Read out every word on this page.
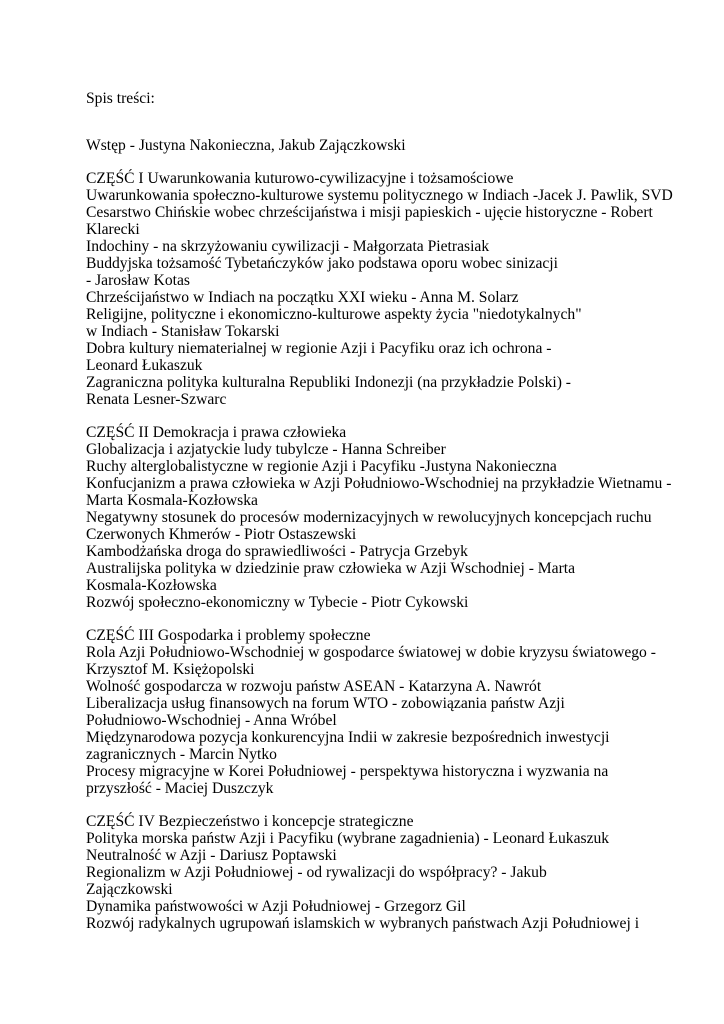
Spis treści:
Wstęp - Justyna Nakonieczna, Jakub Zajączkowski
CZĘŚĆ I Uwarunkowania kuturowo-cywilizacyjne i tożsamościowe
Uwarunkowania społeczno-kulturowe systemu politycznego w Indiach -Jacek J. Pawlik, SVD
Cesarstwo Chińskie wobec chrześcijaństwa i misji papieskich - ujęcie historyczne - Robert
Klarecki
Indochiny - na skrzyżowaniu cywilizacji - Małgorzata Pietrasiak
Buddyjska tożsamość Tybetańczyków jako podstawa oporu wobec sinizacji
- Jarosław Kotas
Chrześcijaństwo w Indiach na początku XXI wieku - Anna M. Solarz
Religijne, polityczne i ekonomiczno-kulturowe aspekty życia "niedotykalnych"
w Indiach - Stanisław Tokarski
Dobra kultury niematerialnej w regionie Azji i Pacyfiku oraz ich ochrona -
Leonard Łukaszuk
Zagraniczna polityka kulturalna Republiki Indonezji (na przykładzie Polski) -
Renata Lesner-Szwarc
CZĘŚĆ II Demokracja i prawa człowieka
Globalizacja i azjatyckie ludy tubylcze - Hanna Schreiber
Ruchy alterglobalistyczne w regionie Azji i Pacyfiku -Justyna Nakonieczna
Konfucjanizm a prawa człowieka w Azji Południowo-Wschodniej na przykładzie Wietnamu -
Marta Kosmala-Kozłowska
Negatywny stosunek do procesów modernizacyjnych w rewolucyjnych koncepcjach ruchu
Czerwonych Khmerów - Piotr Ostaszewski
Kambodżańska droga do sprawiedliwości - Patrycja Grzebyk
Australijska polityka w dziedzinie praw człowieka w Azji Wschodniej - Marta
Kosmala-Kozłowska
Rozwój społeczno-ekonomiczny w Tybecie - Piotr Cykowski
CZĘŚĆ III Gospodarka i problemy społeczne
Rola Azji Południowo-Wschodniej w gospodarce światowej w dobie kryzysu światowego -
Krzysztof M. Księżopolski
Wolność gospodarcza w rozwoju państw ASEAN - Katarzyna A. Nawrót
Liberalizacja usług finansowych na forum WTO - zobowiązania państw Azji
Południowo-Wschodniej - Anna Wróbel
Międzynarodowa pozycja konkurencyjna Indii w zakresie bezpośrednich inwestycji
zagranicznych - Marcin Nytko
Procesy migracyjne w Korei Południowej - perspektywa historyczna i wyzwania na
przyszłość - Maciej Duszczyk
CZĘŚĆ IV Bezpieczeństwo i koncepcje strategiczne
Polityka morska państw Azji i Pacyfiku (wybrane zagadnienia) - Leonard Łukaszuk
Neutralność w Azji - Dariusz Poptawski
Regionalizm w Azji Południowej - od rywalizacji do współpracy? - Jakub
Zajączkowski
Dynamika państwowości w Azji Południowej - Grzegorz Gil
Rozwój radykalnych ugrupowań islamskich w wybranych państwach Azji Południowej i
